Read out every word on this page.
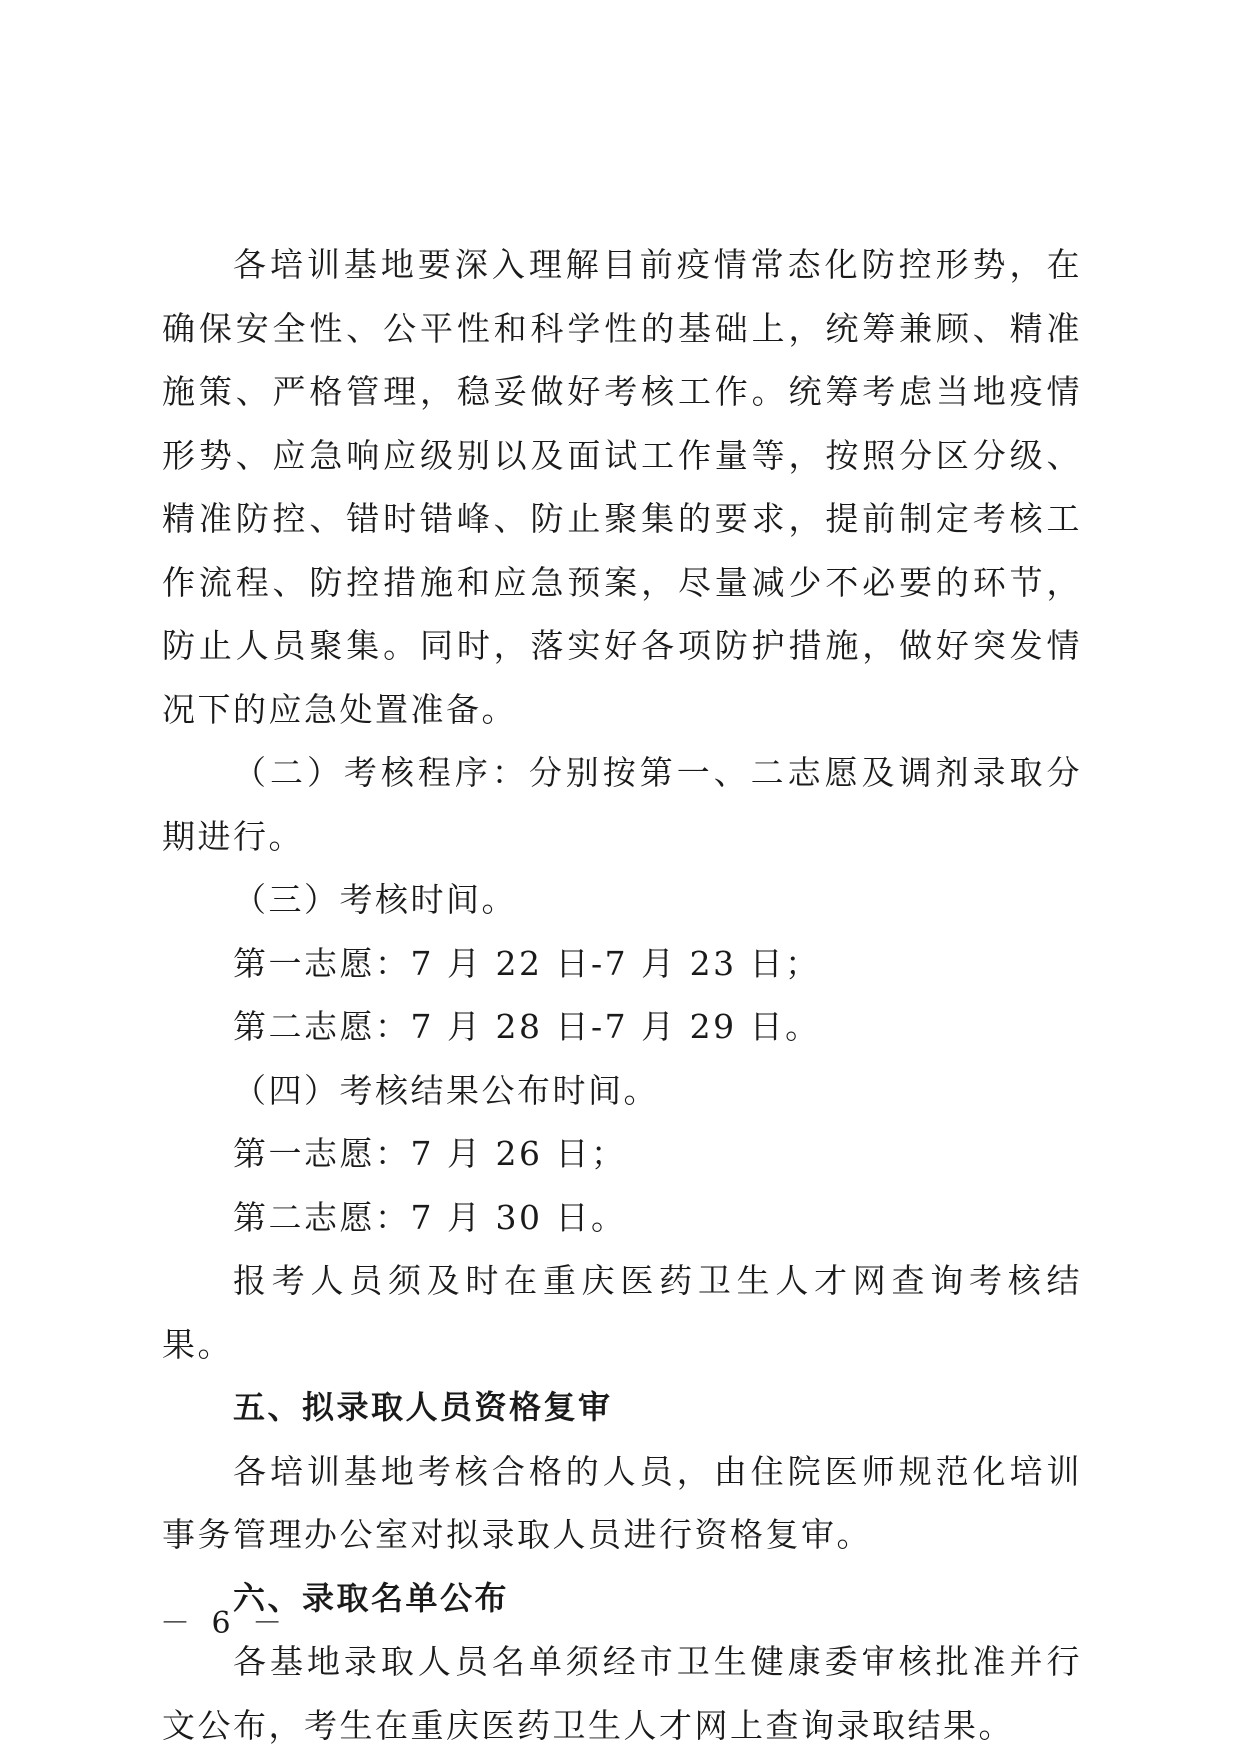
各培训基地要深入理解目前疫情常态化防控形势，在确保安全性、公平性和科学性的基础上，统筹兼顾、精准施策、严格管理，稳妥做好考核工作。统筹考虑当地疫情形势、应急响应级别以及面试工作量等，按照分区分级、精准防控、错时错峰、防止聚集的要求，提前制定考核工作流程、防控措施和应急预案，尽量减少不必要的环节，防止人员聚集。同时，落实好各项防护措施，做好突发情况下的应急处置准备。

（二）考核程序：分别按第一、二志愿及调剂录取分期进行。

（三）考核时间。

第一志愿：7 月 22 日-7 月 23 日；

第二志愿：7 月 28 日-7 月 29 日。

（四）考核结果公布时间。

第一志愿：7 月 26 日；

第二志愿：7 月 30 日。

报考人员须及时在重庆医药卫生人才网查询考核结果。

五、拟录取人员资格复审

各培训基地考核合格的人员，由住院医师规范化培训事务管理办公室对拟录取人员进行资格复审。

六、录取名单公布

各基地录取人员名单须经市卫生健康委审核批准并行文公布，考生在重庆医药卫生人才网上查询录取结果。

－ 6 －
